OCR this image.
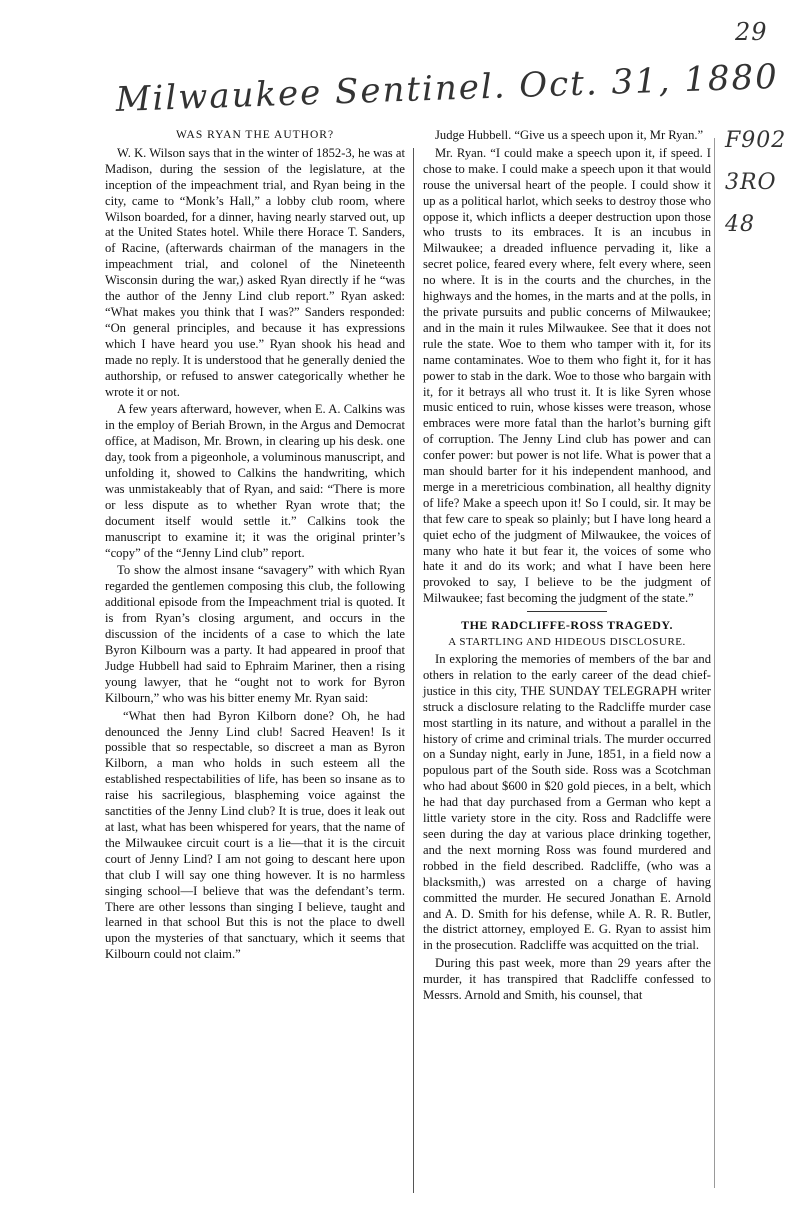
29
Milwaukee Sentinel. Oct. 31, 1880
F902
3RO
48
WAS RYAN THE AUTHOR?

W. K. Wilson says that in the winter of 1852-3, he was at Madison, during the session of the legislature, at the inception of the impeachment trial, and Ryan being in the city, came to “Monk’s Hall,” a lobby club room, where Wilson boarded, for a dinner, having nearly starved out, up at the United States hotel. While there Horace T. Sanders, of Racine, (afterwards chairman of the managers in the impeachment trial, and colonel of the Nineteenth Wisconsin during the war,) asked Ryan directly if he “was the author of the Jenny Lind club report.” Ryan asked: “What makes you think that I was?” Sanders responded: “On general principles, and because it has expressions which I have heard you use.” Ryan shook his head and made no reply. It is understood that he generally denied the authorship, or refused to answer categorically whether he wrote it or not.

A few years afterward, however, when E. A. Calkins was in the employ of Beriah Brown, in the Argus and Democrat office, at Madison, Mr. Brown, in clearing up his desk. one day, took from a pigeonhole, a voluminous manuscript, and unfolding it, showed to Calkins the handwriting, which was unmistakeably that of Ryan, and said: “There is more or less dispute as to whether Ryan wrote that; the document itself would settle it.” Calkins took the manuscript to examine it; it was the original printer’s “copy” of the “Jenny Lind club” report.

To show the almost insane “savagery” with which Ryan regarded the gentlemen composing this club, the following additional episode from the Impeachment trial is quoted. It is from Ryan’s closing argument, and occurs in the discussion of the incidents of a case to which the late Byron Kilbourn was a party. It had appeared in proof that Judge Hubbell had said to Ephraim Mariner, then a rising young lawyer, that he “ought not to work for Byron Kilbourn,” who was his bitter enemy Mr. Ryan said:

“What then had Byron Kilborn done? Oh, he had denounced the Jenny Lind club! Sacred Heaven! Is it possible that so respectable, so discreet a man as Byron Kilborn, a man who holds in such esteem all the established respectabilities of life, has been so insane as to raise his sacrilegious, blaspheming voice against the sanctities of the Jenny Lind club? It is true, does it leak out at last, what has been whispered for years, that the name of the Milwaukee circuit court is a lie—that it is the circuit court of Jenny Lind? I am not going to descant here upon that club I will say one thing however. It is no harmless singing school—I believe that was the defendant’s term. There are other lessons than singing I believe, taught and learned in that school But this is not the place to dwell upon the mysteries of that sanctuary, which it seems that Kilbourn could not claim.”

Judge Hubbell. “Give us a speech upon it, Mr Ryan.”

Mr. Ryan. “I could make a speech upon it, if speed. I chose to make. I could make a speech upon it that would rouse the universal heart of the people. I could show it up as a political harlot, which seeks to destroy those who oppose it, which inflicts a deeper destruction upon those who trusts to its embraces. It is an incubus in Milwaukee; a dreaded influence pervading it, like a secret police, feared every where, felt every where, seen no where. It is in the courts and the churches, in the highways and the homes, in the marts and at the polls, in the private pursuits and public concerns of Milwaukee; and in the main it rules Milwaukee. See that it does not rule the state. Woe to them who tamper with it, for its name contaminates. Woe to them who fight it, for it has power to stab in the dark. Woe to those who bargain with it, for it betrays all who trust it. It is like Syren whose music enticed to ruin, whose kisses were treason, whose embraces were more fatal than the harlot’s burning gift of corruption. The Jenny Lind club has power and can confer power: but power is not life. What is power that a man should barter for it his independent manhood, and merge in a meretricious combination, all healthy dignity of life? Make a speech upon it! So I could, sir. It may be that few care to speak so plainly; but I have long heard a quiet echo of the judgment of Milwaukee, the voices of many who hate it but fear it, the voices of some who hate it and do its work; and what I have been here provoked to say, I believe to be the judgment of Milwaukee; fast becoming the judgment of the state.”

THE RADCLIFFE-ROSS TRAGEDY.
A STARTLING AND HIDEOUS DISCLOSURE.

In exploring the memories of members of the bar and others in relation to the early career of the dead chief-justice in this city, THE SUNDAY TELEGRAPH writer struck a disclosure relating to the Radcliffe murder case most startling in its nature, and without a parallel in the history of crime and criminal trials. The murder occurred on a Sunday night, early in June, 1851, in a field now a populous part of the South side. Ross was a Scotchman who had about $600 in $20 gold pieces, in a belt, which he had that day purchased from a German who kept a little variety store in the city. Ross and Radcliffe were seen during the day at various place drinking together, and the next morning Ross was found murdered and robbed in the field described. Radcliffe, (who was a blacksmith,) was arrested on a charge of having committed the murder. He secured Jonathan E. Arnold and A. D. Smith for his defense, while A. R. R. Butler, the district attorney, employed E. G. Ryan to assist him in the prosecution. Radcliffe was acquitted on the trial.

During this past week, more than 29 years after the murder, it has transpired that Radcliffe confessed to Messrs. Arnold and Smith, his counsel, that
